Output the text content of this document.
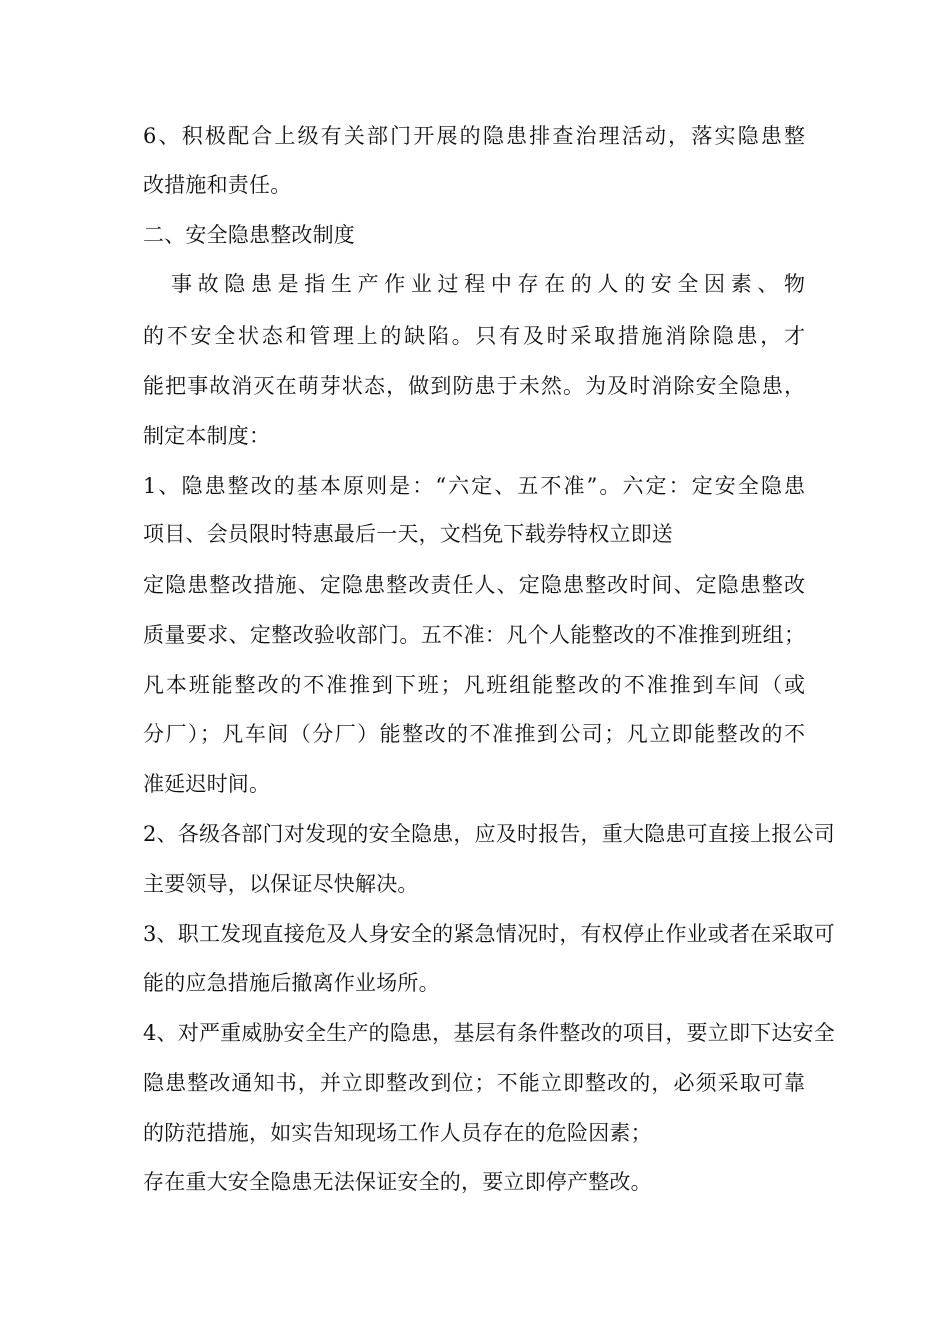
6、积极配合上级有关部门开展的隐患排查治理活动，落实隐患整
改措施和责任。
二、安全隐患整改制度
事故隐患是指生产作业过程中存在的人的安全因素、物
的不安全状态和管理上的缺陷。只有及时采取措施消除隐患，才
能把事故消灭在萌芽状态，做到防患于未然。为及时消除安全隐患，
制定本制度：
1、隐患整改的基本原则是：“六定、五不准”。六定：定安全隐患
项目、会员限时特惠最后一天，文档免下载券特权立即送
定隐患整改措施、定隐患整改责任人、定隐患整改时间、定隐患整改
质量要求、定整改验收部门。五不准：凡个人能整改的不准推到班组；
凡本班能整改的不准推到下班；凡班组能整改的不准推到车间（或
分厂）；凡车间（分厂）能整改的不准推到公司；凡立即能整改的不
准延迟时间。
2、各级各部门对发现的安全隐患，应及时报告，重大隐患可直接上报公司
主要领导，以保证尽快解决。
3、职工发现直接危及人身安全的紧急情况时，有权停止作业或者在采取可
能的应急措施后撤离作业场所。
4、对严重威胁安全生产的隐患，基层有条件整改的项目，要立即下达安全
隐患整改通知书，并立即整改到位；不能立即整改的，必须采取可靠
的防范措施，如实告知现场工作人员存在的危险因素；
存在重大安全隐患无法保证安全的，要立即停产整改。
